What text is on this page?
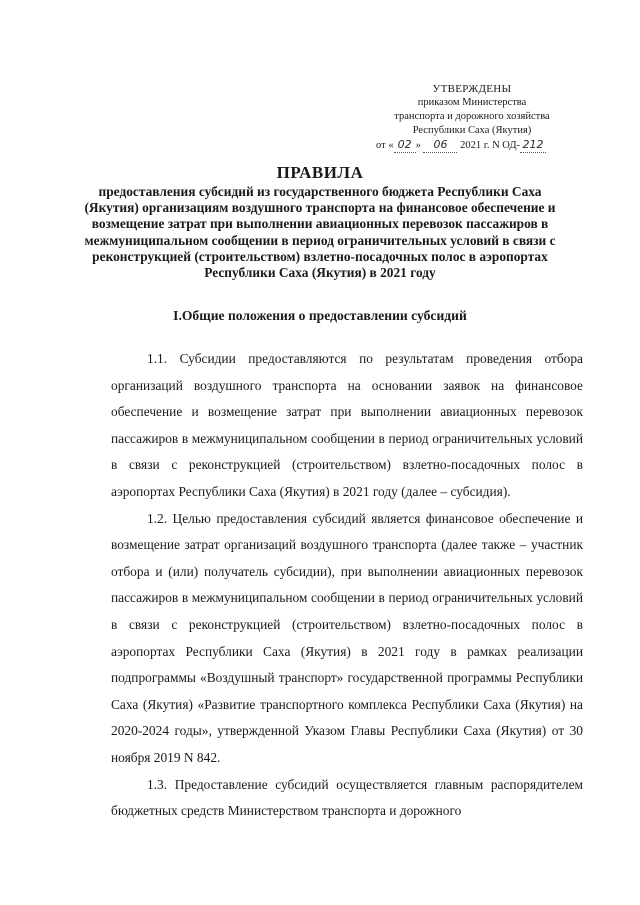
УТВЕРЖДЕНЫ
приказом Министерства
транспорта и дорожного хозяйства
Республики Саха (Якутия)
от « 02 » 06 2021 г. N ОД- 212
ПРАВИЛА
предоставления субсидий из государственного бюджета Республики Саха (Якутия) организациям воздушного транспорта на финансовое обеспечение и возмещение затрат при выполнении авиационных перевозок пассажиров в межмуниципальном сообщении в период ограничительных условий в связи с реконструкцией (строительством) взлетно-посадочных полос в аэропортах Республики Саха (Якутия) в 2021 году
I.Общие положения о предоставлении субсидий

1.1. Субсидии предоставляются по результатам проведения отбора организаций воздушного транспорта на основании заявок на финансовое обеспечение и возмещение затрат при выполнении авиационных перевозок пассажиров в межмуниципальном сообщении в период ограничительных условий в связи с реконструкцией (строительством) взлетно-посадочных полос в аэропортах Республики Саха (Якутия) в 2021 году (далее – субсидия).

1.2. Целью предоставления субсидий является финансовое обеспечение и возмещение затрат организаций воздушного транспорта (далее также – участник отбора и (или) получатель субсидии), при выполнении авиационных перевозок пассажиров в межмуниципальном сообщении в период ограничительных условий в связи с реконструкцией (строительством) взлетно-посадочных полос в аэропортах Республики Саха (Якутия) в 2021 году в рамках реализации подпрограммы «Воздушный транспорт» государственной программы Республики Саха (Якутия) «Развитие транспортного комплекса Республики Саха (Якутия) на 2020-2024 годы», утвержденной Указом Главы Республики Саха (Якутия) от 30 ноября 2019 N 842.

1.3. Предоставление субсидий осуществляется главным распорядителем бюджетных средств Министерством транспорта и дорожного
